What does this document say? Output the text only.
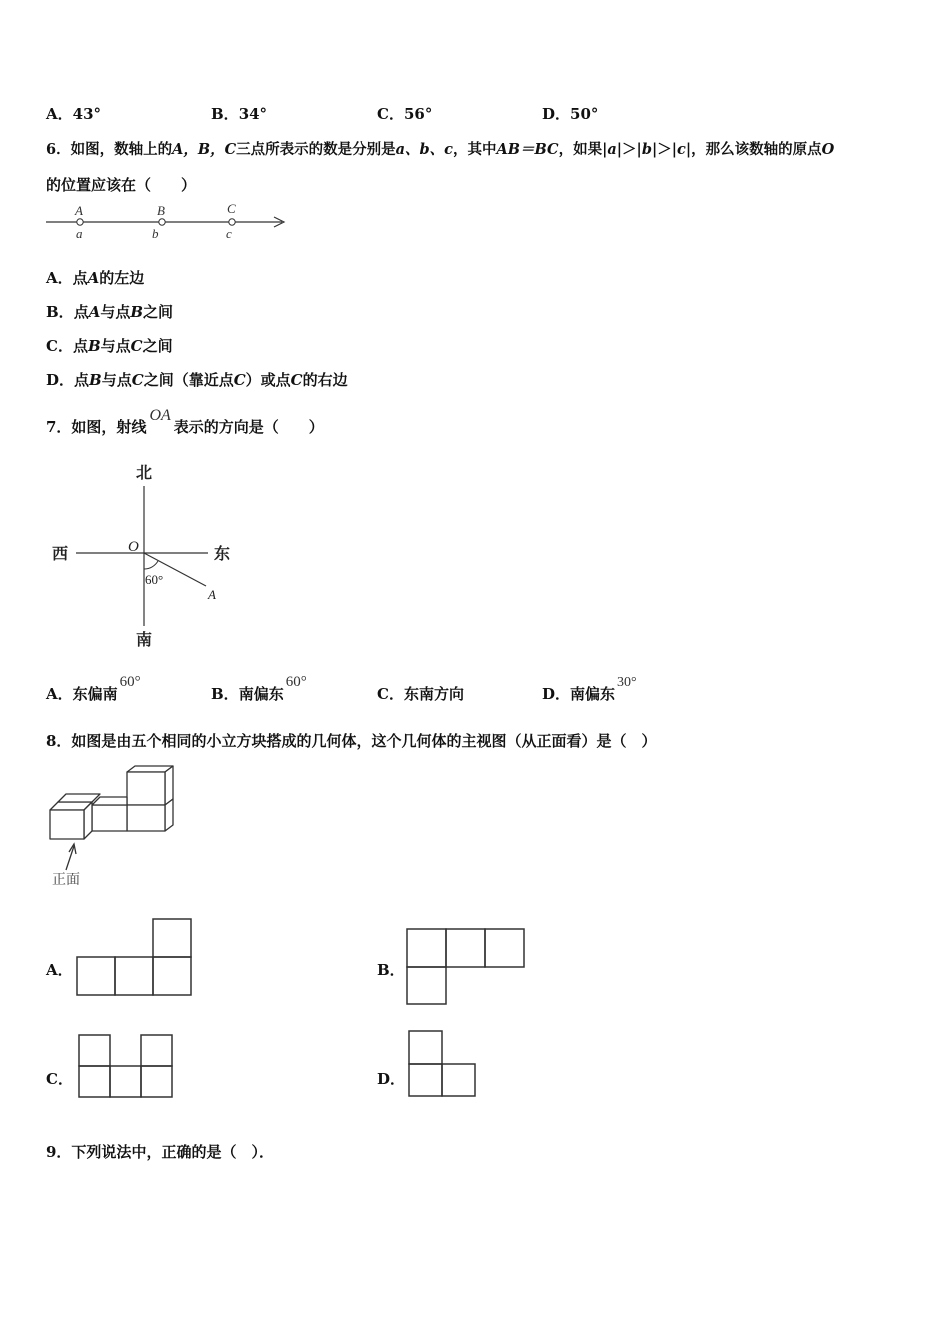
A．43°	B．34°	C．56°	D．50°
6．如图，数轴上的A，B，C三点所表示的数是分别是a、b、c，其中AB＝BC，如果|a|＞|b|＞|c|，那么该数轴的原点O
的位置应该在（　　）
A	B	C
a	b	c
A．点A的左边
B．点A与点B之间
C．点B与点C之间
D．点B与点C之间（靠近点C）或点C的右边
7．如图，射线OA表示的方向是（　　）
北
南
西	东
O
60°
A
A．东偏南60°
B．南偏东60°
C．东南方向	D．南偏东30°
8．如图是由五个相同的小立方块搭成的几何体，这个几何体的主视图（从正面看）是（　）
正面
A．	B．
C．	D．
9．下列说法中，正确的是（　）．
